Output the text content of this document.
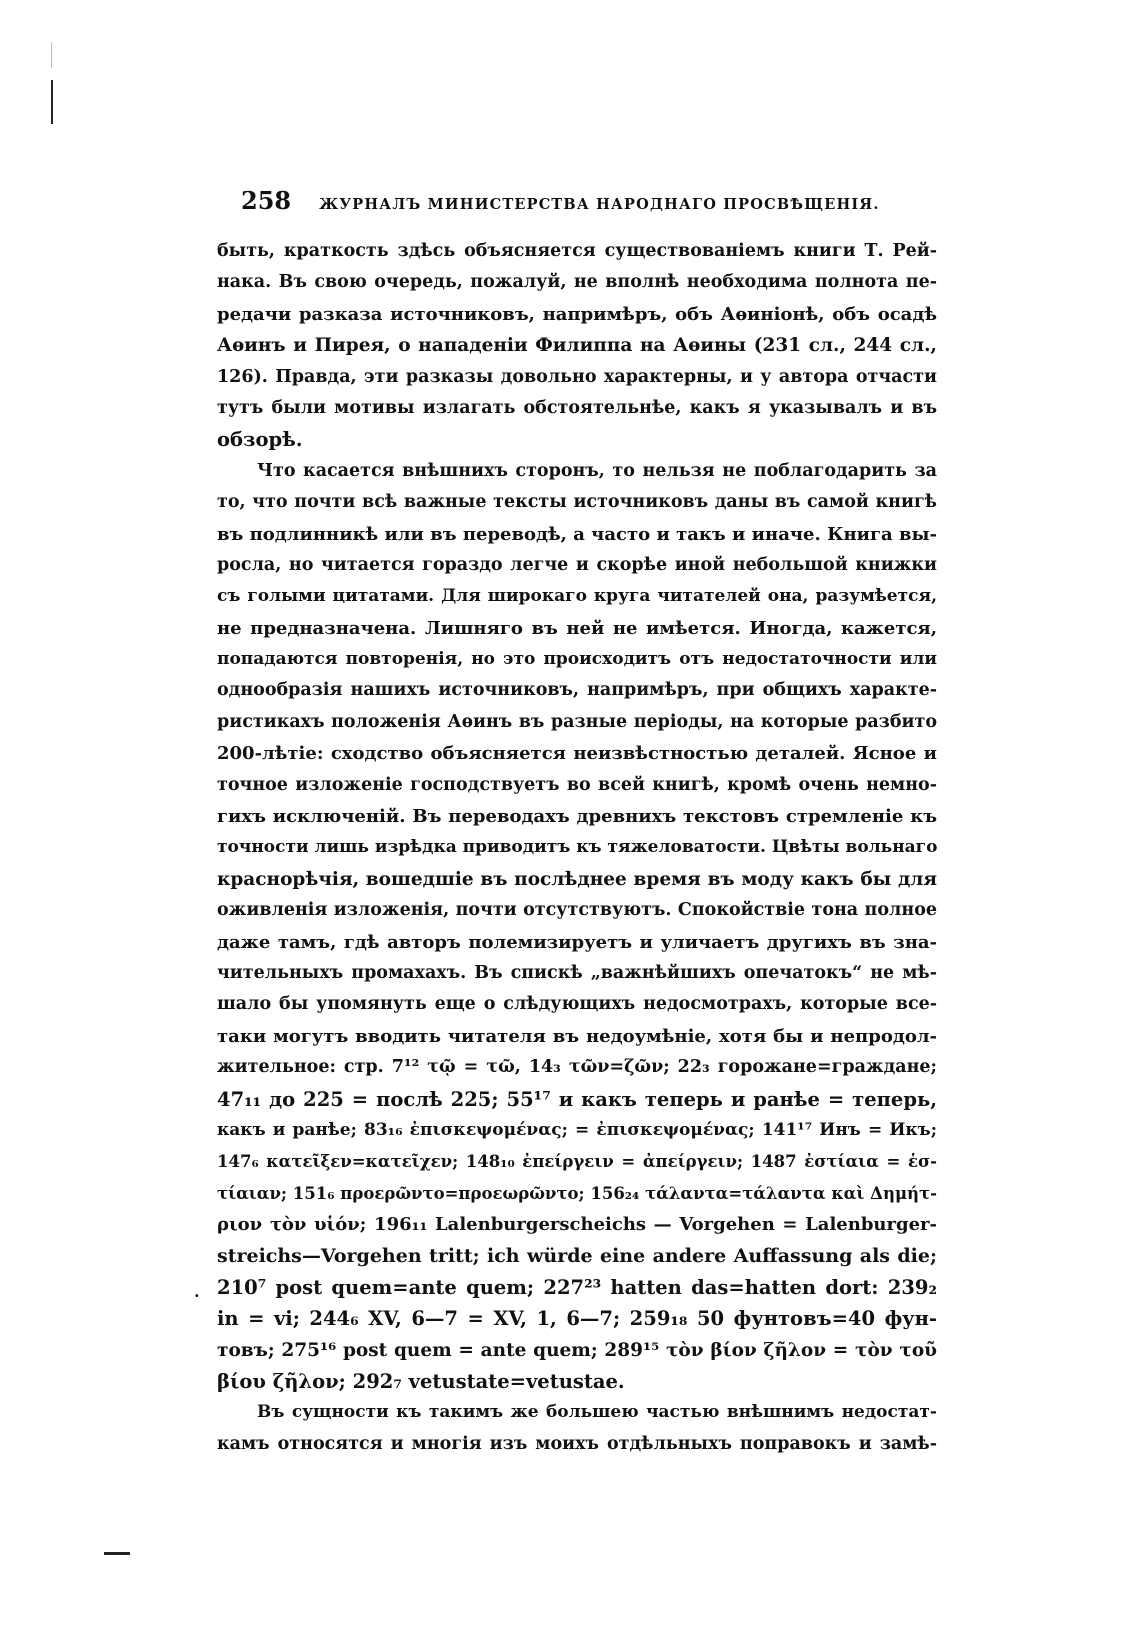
258 ЖУРНАЛЪ МИНИСТЕРСТВА НАРОДНАГО ПРОСВѢЩЕНІЯ.
·
быть, краткость здѣсь объясняется существованіемъ книги Т. Рей-
нака. Въ свою очередь, пожалуй, не вполнѣ необходима полнота пе-
редачи разказа источниковъ, напримѣръ, объ Аѳиніонѣ, объ осадѣ
Аѳинъ и Пирея, о нападеніи Филиппа на Аѳины (231 сл., 244 сл.,
126). Правда, эти разказы довольно характерны, и у автора отчасти
тутъ были мотивы излагать обстоятельнѣе, какъ я указывалъ и въ
обзорѣ.
Что касается внѣшнихъ сторонъ, то нельзя не поблагодарить за
то, что почти всѣ важные тексты источниковъ даны въ самой книгѣ
въ подлинникѣ или въ переводѣ, а часто и такъ и иначе. Книга вы-
росла, но читается гораздо легче и скорѣе иной небольшой книжки
съ голыми цитатами. Для широкаго круга читателей она, разумѣется,
не предназначена. Лишняго въ ней не имѣется. Иногда, кажется,
попадаются повторенія, но это происходитъ отъ недостаточности или
однообразія нашихъ источниковъ, напримѣръ, при общихъ характе-
ристикахъ положенія Аѳинъ въ разные періоды, на которые разбито
200-лѣтіе: сходство объясняется неизвѣстностью деталей. Ясное и
точное изложеніе господствуетъ во всей книгѣ, кромѣ очень немно-
гихъ исключеній. Въ переводахъ древнихъ текстовъ стремленіе къ
точности лишь изрѣдка приводитъ къ тяжеловатости. Цвѣты вольнаго
краснорѣчія, вошедшіе въ послѣднее время въ моду какъ бы для
оживленія изложенія, почти отсутствуютъ. Спокойствіе тона полное
даже тамъ, гдѣ авторъ полемизируетъ и уличаетъ другихъ въ зна-
чительныхъ промахахъ. Въ спискѣ „важнѣйшихъ опечатокъ“ не мѣ-
шало бы упомянуть еще о слѣдующихъ недосмотрахъ, которые все-
таки могутъ вводить читателя въ недоумѣніе, хотя бы и непродол-
жительное: стр. 7¹² τῷ = τῶ, 14₃ τῶν=ζῶν; 22₃ горожане=граждане;
47₁₁ до 225 = послѣ 225; 55¹⁷ и какъ теперь и ранѣе = теперь,
какъ и ранѣе; 83₁₆ ἐπισκεψομένας; = ἐπισκεψομένας; 141¹⁷ Инъ = Икъ;
147₆ κατεῖξεν=κατεῖχεν; 148₁₀ ἐπείργειν = ἀπείργειν; 1487 ἐστίαια = ἑσ-
τίαιαν; 151₆ προερῶντο=προεωρῶντο; 156₂₄ τάλαντα=τάλαντα καὶ Δημήτ-
ριον τὸν υἱόν; 196₁₁ Lalenburgerscheichs — Vorgehen = Lalenburger-
streichs—Vorgehen tritt; ich würde eine andere Auffassung als die;
210⁷ post quem=ante quem; 227²³ hatten das=hatten dort: 239₂
in = vi; 244₆ XV, 6—7 = XV, 1, 6—7; 259₁₈ 50 фунтовъ=40 фун-
товъ; 275¹⁶ post quem = ante quem; 289¹⁵ τὸν βίον ζῆλον = τὸν τοῦ
βίου ζῆλον; 292₇ vetustate=vetustae.
Въ сущности къ такимъ же большею частью внѣшнимъ недостат-
камъ относятся и многія изъ моихъ отдѣльныхъ поправокъ и замѣ-
